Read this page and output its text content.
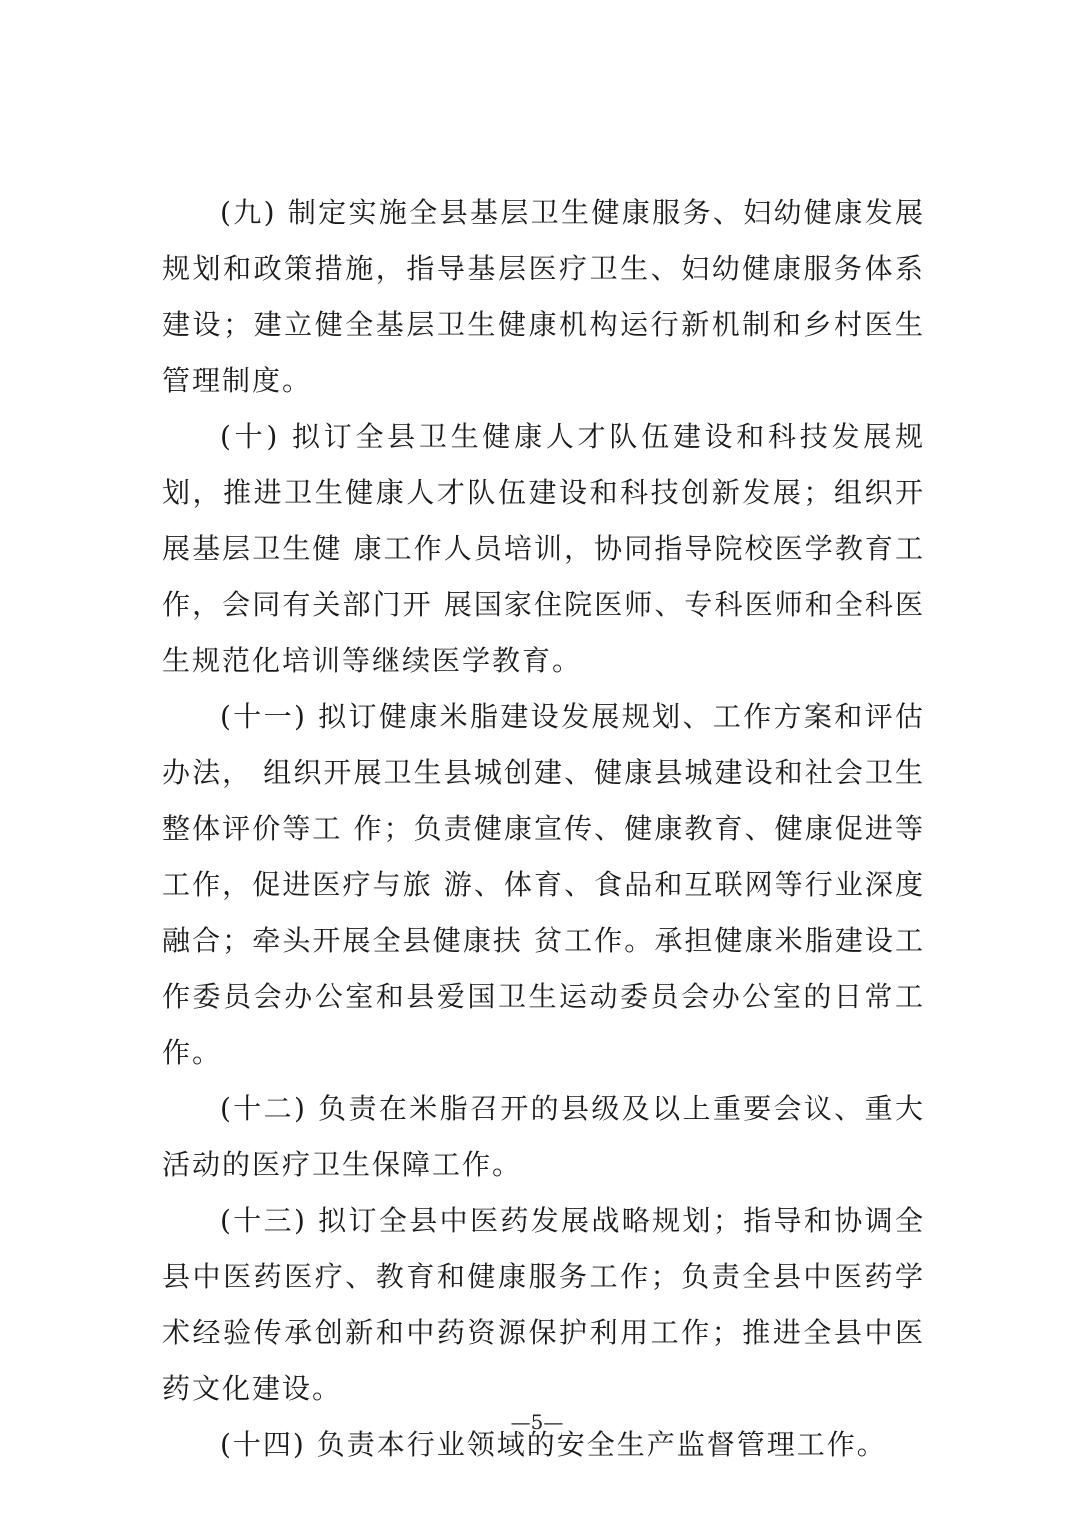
(九) 制定实施全县基层卫生健康服务、妇幼健康发展规划和政策措施，指导基层医疗卫生、妇幼健康服务体系建设；建立健全基层卫生健康机构运行新机制和乡村医生管理制度。

(十) 拟订全县卫生健康人才队伍建设和科技发展规划，推进卫生健康人才队伍建设和科技创新发展；组织开展基层卫生健 康工作人员培训，协同指导院校医学教育工作，会同有关部门开 展国家住院医师、专科医师和全科医生规范化培训等继续医学教育。

(十一) 拟订健康米脂建设发展规划、工作方案和评估办法， 组织开展卫生县城创建、健康县城建设和社会卫生整体评价等工 作；负责健康宣传、健康教育、健康促进等工作，促进医疗与旅 游、体育、食品和互联网等行业深度融合；牵头开展全县健康扶 贫工作。承担健康米脂建设工作委员会办公室和县爱国卫生运动委员会办公室的日常工作。

(十二) 负责在米脂召开的县级及以上重要会议、重大活动的医疗卫生保障工作。

(十三) 拟订全县中医药发展战略规划；指导和协调全县中医药医疗、教育和健康服务工作；负责全县中医药学术经验传承创新和中药资源保护利用工作；推进全县中医药文化建设。

(十四) 负责本行业领域的安全生产监督管理工作。

—5—
